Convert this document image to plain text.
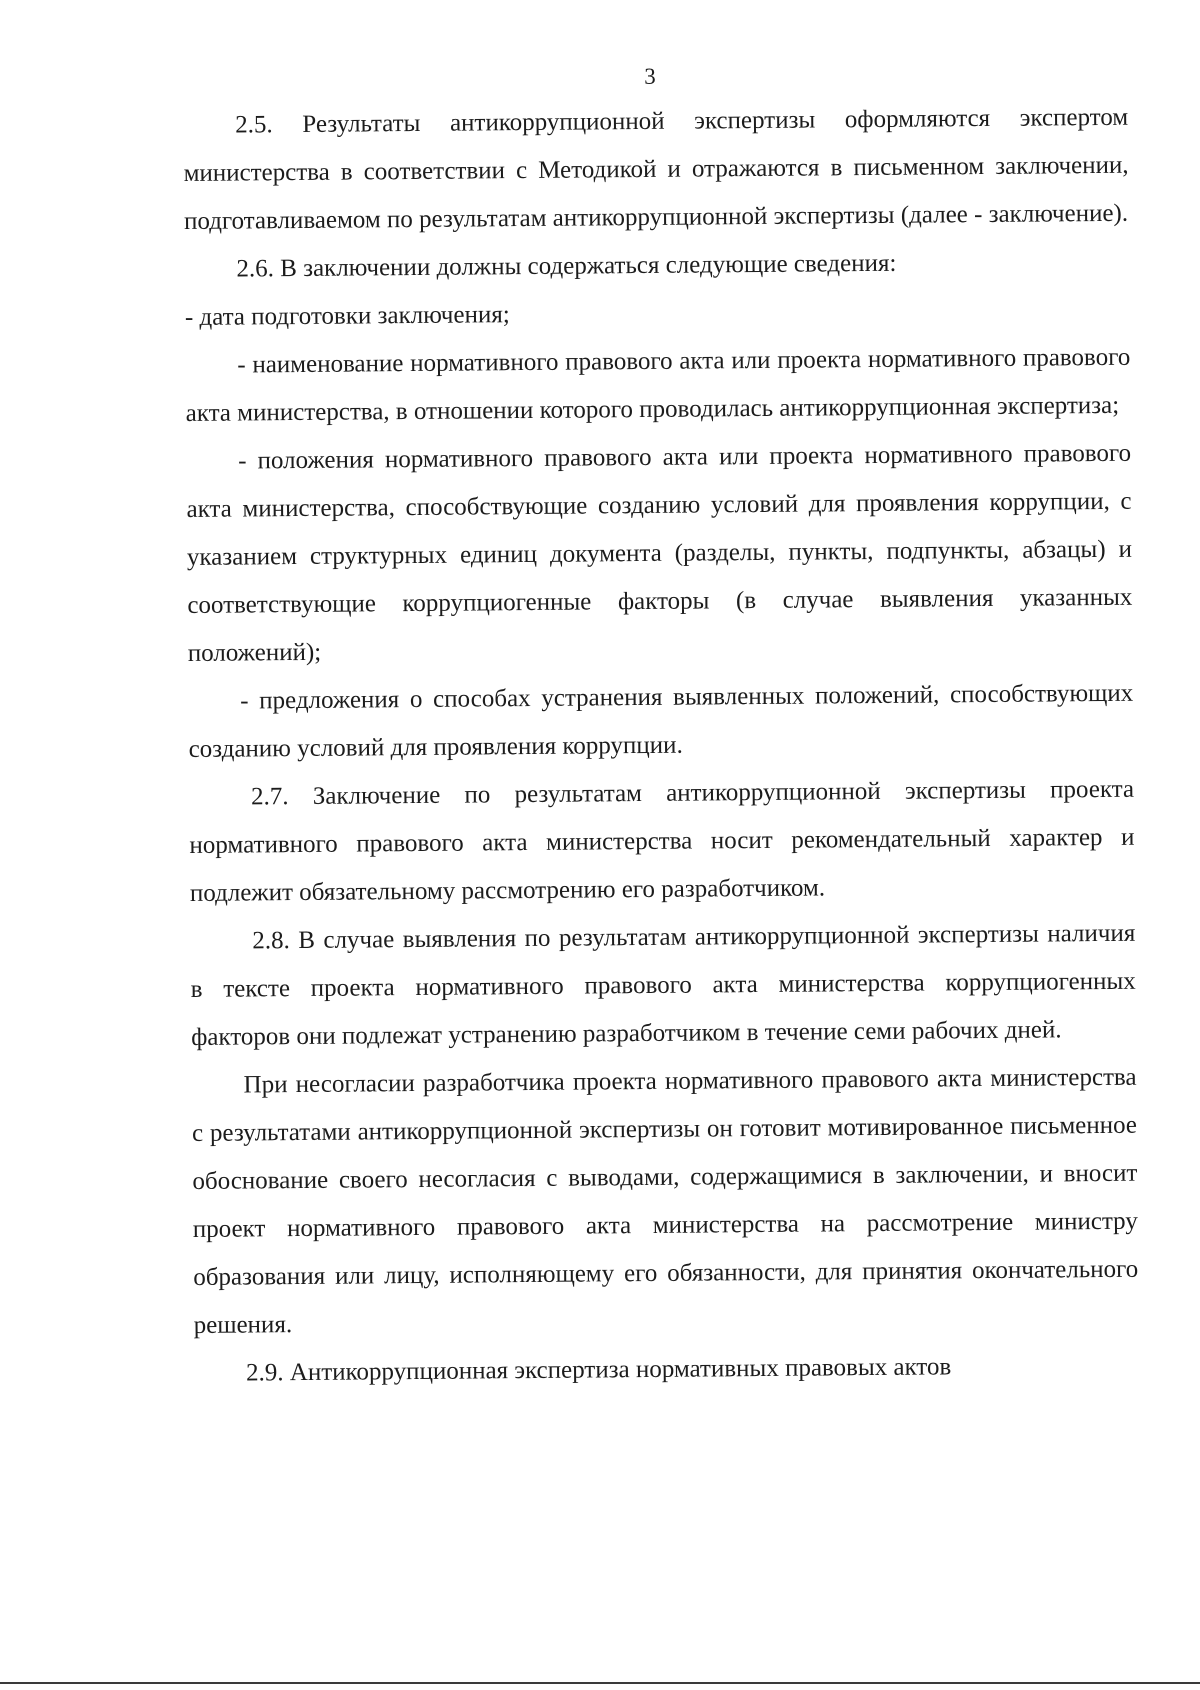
3

2.5. Результаты антикоррупционной экспертизы оформляются экспертом министерства в соответствии с Методикой и отражаются в письменном заключении, подготавливаемом по результатам антикоррупционной экспертизы (далее - заключение).

2.6. В заключении должны содержаться следующие сведения:

- дата подготовки заключения;

- наименование нормативного правового акта или проекта нормативного правового акта министерства, в отношении которого проводилась антикоррупционная экспертиза;

- положения нормативного правового акта или проекта нормативного правового акта министерства, способствующие созданию условий для проявления коррупции, с указанием структурных единиц документа (разделы, пункты, подпункты, абзацы) и соответствующие коррупциогенные факторы (в случае выявления указанных положений);

- предложения о способах устранения выявленных положений, способствующих созданию условий для проявления коррупции.

2.7. Заключение по результатам антикоррупционной экспертизы проекта нормативного правового акта министерства носит рекомендательный характер и подлежит обязательному рассмотрению его разработчиком.

2.8. В случае выявления по результатам антикоррупционной экспертизы наличия в тексте проекта нормативного правового акта министерства коррупциогенных факторов они подлежат устранению разработчиком в течение семи рабочих дней.

При несогласии разработчика проекта нормативного правового акта министерства с результатами антикоррупционной экспертизы он готовит мотивированное письменное обоснование своего несогласия с выводами, содержащимися в заключении, и вносит проект нормативного правового акта министерства на рассмотрение министру образования или лицу, исполняющему его обязанности, для принятия окончательного решения.

2.9. Антикоррупционная экспертиза нормативных правовых актов
